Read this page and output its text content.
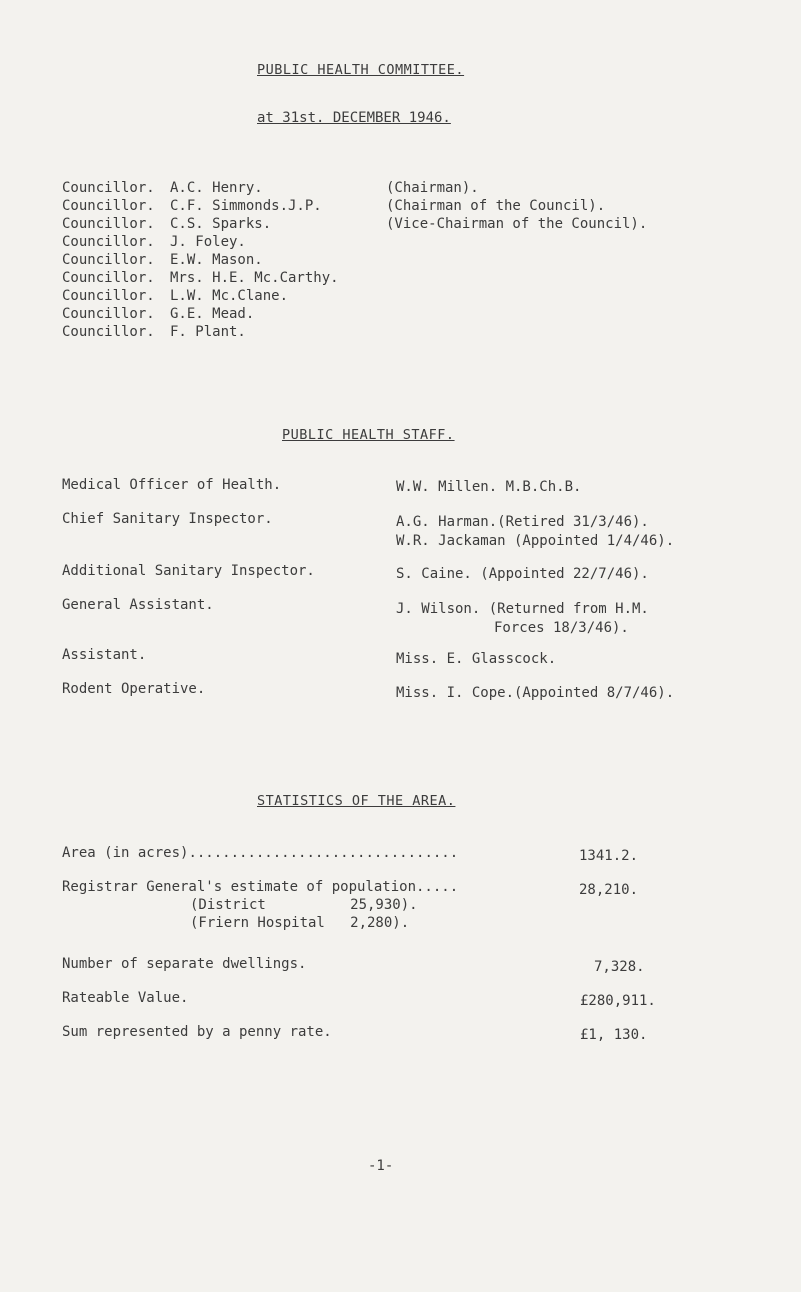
PUBLIC HEALTH COMMITTEE.
at 31st. DECEMBER 1946.
Councillor. A.C. Henry.	(Chairman).
Councillor. C.F. Simmonds.J.P.	(Chairman of the Council).
Councillor. C.S. Sparks.	(Vice-Chairman of the Council).
Councillor. J. Foley.
Councillor. E.W. Mason.
Councillor. Mrs. H.E. Mc.Carthy.
Councillor. L.W. Mc.Clane.
Councillor. G.E. Mead.
Councillor. F. Plant.
PUBLIC HEALTH STAFF.
Medical Officer of Health.	W.W. Millen. M.B.Ch.B.
Chief Sanitary Inspector.	A.G. Harman.(Retired 31/3/46).
W.R. Jackaman (Appointed 1/4/46).
Additional Sanitary Inspector.	S. Caine. (Appointed 22/7/46).
General Assistant.	J. Wilson. (Returned from H.M.
Forces 18/3/46).
Assistant.	Miss. E. Glasscock.
Rodent Operative.	Miss. I. Cope.(Appointed 8/7/46).
STATISTICS OF THE AREA.
Area (in acres)................................	1341.2.
Registrar General's estimate of population.....	28,210.
(District          25,930).
(Friern Hospital   2,280).
Number of separate dwellings.	7,328.
Rateable Value.	£280,911.
Sum represented by a penny rate.	£1, 130.
-1-
